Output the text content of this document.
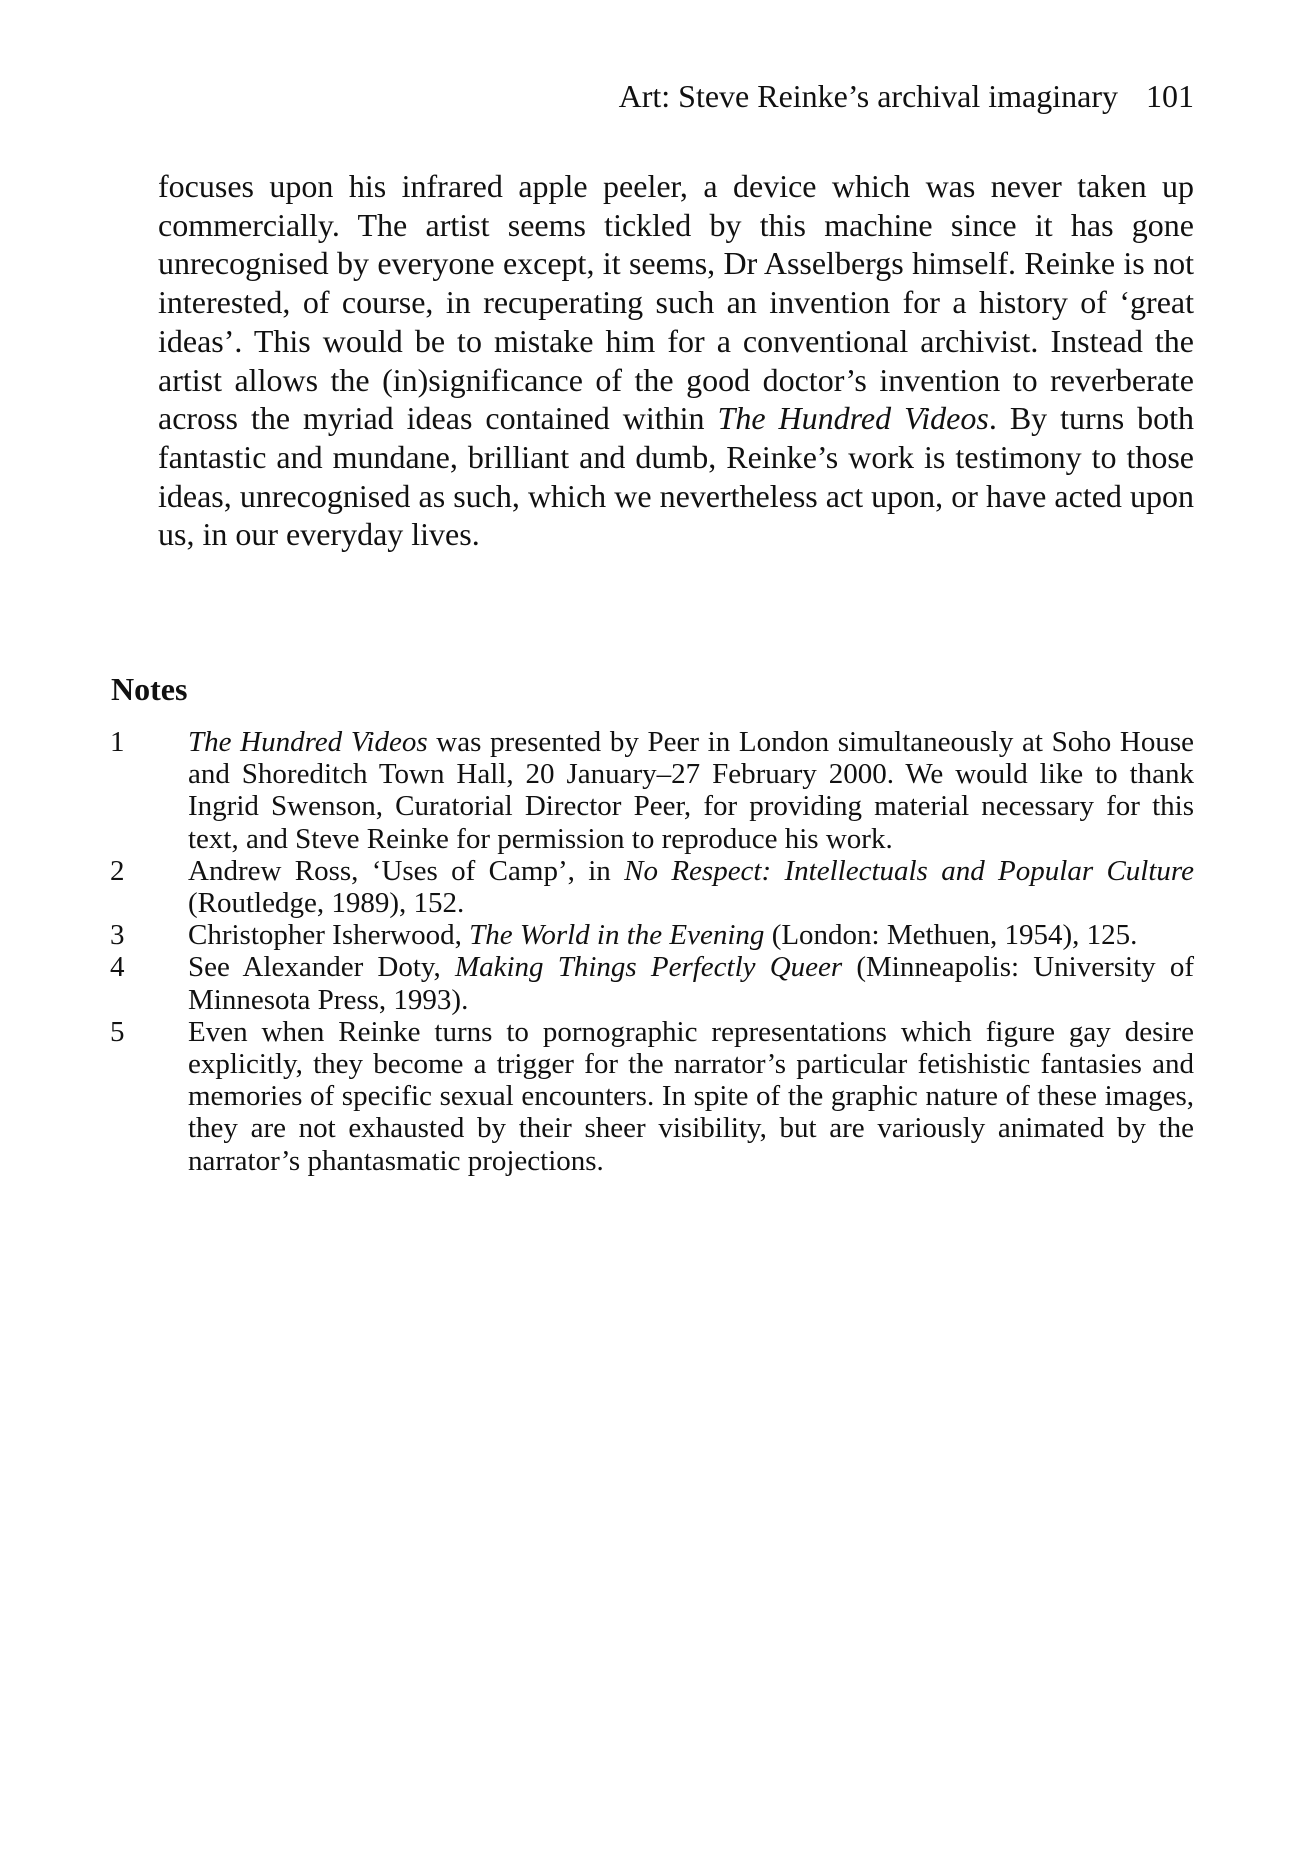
Art: Steve Reinke’s archival imaginary 101
focuses upon his infrared apple peeler, a device which was never taken up commercially. The artist seems tickled by this machine since it has gone unrecognised by everyone except, it seems, Dr Asselbergs himself. Reinke is not interested, of course, in recuperating such an invention for a history of ‘great ideas’. This would be to mistake him for a conventional archivist. Instead the artist allows the (in)significance of the good doctor’s invention to reverberate across the myriad ideas contained within The Hundred Videos. By turns both fantastic and mundane, brilliant and dumb, Reinke’s work is testimony to those ideas, unrecognised as such, which we nevertheless act upon, or have acted upon us, in our everyday lives.
Notes
1	The Hundred Videos was presented by Peer in London simultaneously at Soho House and Shoreditch Town Hall, 20 January–27 February 2000. We would like to thank Ingrid Swenson, Curatorial Director Peer, for providing material necessary for this text, and Steve Reinke for permission to reproduce his work.
2	Andrew Ross, ‘Uses of Camp’, in No Respect: Intellectuals and Popular Culture (Routledge, 1989), 152.
3	Christopher Isherwood, The World in the Evening (London: Methuen, 1954), 125.
4	See Alexander Doty, Making Things Perfectly Queer (Minneapolis: University of Minnesota Press, 1993).
5	Even when Reinke turns to pornographic representations which figure gay desire explicitly, they become a trigger for the narrator’s particular fetishistic fantasies and memories of specific sexual encounters. In spite of the graphic nature of these images, they are not exhausted by their sheer visibility, but are variously animated by the narrator’s phantasmatic projections.
